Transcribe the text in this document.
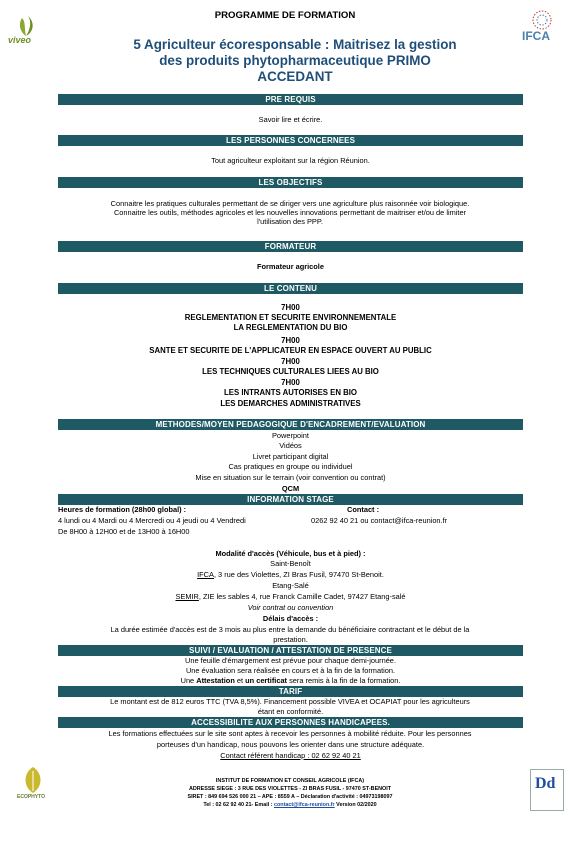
viveo
PROGRAMME DE FORMATION
IFCA
5 Agriculteur écoresponsable : Maitrisez la gestion
des produits phytopharmaceutique PRIMO
ACCEDANT
PRE REQUIS
Savoir lire et écrire.
LES PERSONNES CONCERNEES
Tout agriculteur exploitant sur la région Réunion.
LES OBJECTIFS
Connaitre les pratiques culturales permettant de se diriger vers une agriculture plus raisonnée voir biologique.
Connaitre les outils, méthodes agricoles et les nouvelles innovations permettant de maitriser et/ou de limiter
l'utilisation des PPP.
FORMATEUR
Formateur agricole
LE CONTENU
7H00
REGLEMENTATION ET SECURITE ENVIRONNEMENTALE
LA REGLEMENTATION DU BIO
7H00
SANTE ET SECURITE DE L'APPLICATEUR EN ESPACE OUVERT AU PUBLIC
7H00
LES TECHNIQUES CULTURALES LIEES AU BIO
7H00
LES INTRANTS AUTORISES EN BIO
LES DEMARCHES ADMINISTRATIVES
METHODES/MOYEN PEDAGOGIQUE D'ENCADREMENT/EVALUATION
Powerpoint
Vidéos
Livret participant digital
Cas pratiques en groupe ou individuel
Mise en situation sur le terrain (voir convention ou contrat)
QCM
INFORMATION STAGE
Heures de formation (28h00 global) :
4 lundi ou 4 Mardi ou 4 Mercredi ou 4 jeudi ou 4 Vendredi
De 8H00 à 12H00 et de 13H00 à 16H00
Contact :
0262 92 40 21 ou contact@ifca-reunion.fr
Modalité d'accès (Véhicule, bus et à pied) :
Saint-Benoît
IFCA, 3 rue des Violettes, ZI Bras Fusil, 97470 St-Benoit.
Etang-Salé
SEMIR, ZIE les sables 4, rue Franck Camille Cadet, 97427 Etang-salé
Voir contrat ou convention
Délais d'accès :
La durée estimée d'accès est de 3 mois au plus entre la demande du bénéficiaire contractant et le début de la
prestation.
SUIVI / EVALUATION / ATTESTATION DE PRESENCE
Une feuille d'émargement est prévue pour chaque demi-journée.
Une évaluation sera réalisée en cours et à la fin de la formation.
Une Attestation et un certificat sera remis à la fin de la formation.
TARIF
Le montant est de 812 euros TTC (TVA 8,5%). Financement possible VIVEA et OCAPIAT pour les agriculteurs
étant en conformité.
ACCESSIBILITE AUX PERSONNES HANDICAPEES.
Les formations effectuées sur le site sont aptes à recevoir les personnes à mobilité réduite. Pour les personnes
porteuses d'un handicap, nous pouvons les orienter dans une structure adéquate.
Contact référent handicap : 02 62 92 40 21
ECOPHYTO
INSTITUT DE FORMATION ET CONSEIL AGRICOLE (IFCA)
ADRESSE SIEGE : 3 RUE DES VIOLETTES - ZI BRAS FUSIL - 97470 ST-BENOIT
SIRET : 849 694 526 000 21 – APE : 8559 A – Déclaration d'activité : 04973198097
Tel : 02 62 92 40 21- Email : contact@ifca-reunion.fr Version 02/2020
Dd
